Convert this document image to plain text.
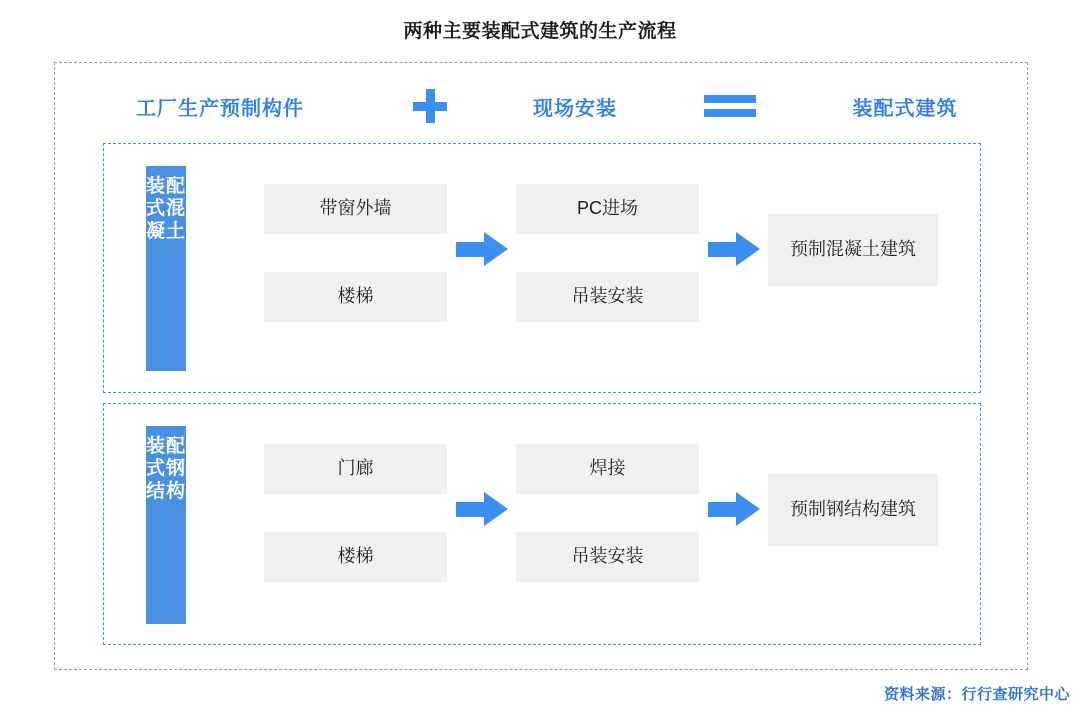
两种主要装配式建筑的生产流程
工厂生产预制构件	现场安装	装配式建筑
装配式混凝土
带窗外墙
楼梯
PC进场
吊装安装
预制混凝土建筑
装配式钢结构
门廊
楼梯
焊接
吊装安装
预制钢结构建筑
资料来源：行行查研究中心
